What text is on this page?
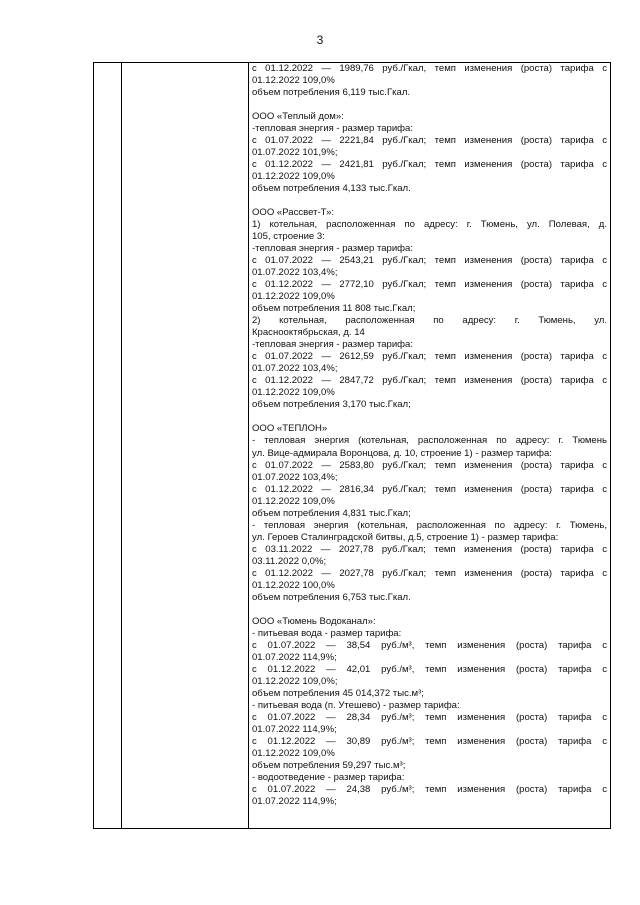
3
с 01.12.2022 — 1989,76 руб./Гкал, темп изменения (роста) тарифа с
01.12.2022 109,0%
объем потребления 6,119 тыс.Гкал.
ООО «Теплый дом»:
-тепловая энергия - размер тарифа:
с 01.07.2022 — 2221,84 руб./Гкал; темп изменения (роста) тарифа с
01.07.2022 101,9%;
с 01.12.2022 — 2421,81 руб./Гкал; темп изменения (роста) тарифа с
01.12.2022 109,0%
объем потребления 4,133 тыс.Гкал.
ООО «Рассвет-Т»:
1) котельная, расположенная по адресу: г. Тюмень, ул. Полевая, д.
105, строение 3:
-тепловая энергия - размер тарифа:
с 01.07.2022 — 2543,21 руб./Гкал; темп изменения (роста) тарифа с
01.07.2022 103,4%;
с 01.12.2022 — 2772,10 руб./Гкал; темп изменения (роста) тарифа с
01.12.2022 109,0%
объем потребления 11 808 тыс.Гкал;
2) котельная, расположенная по адресу: г. Тюмень, ул.
Краснооктябрьская, д. 14
-тепловая энергия - размер тарифа:
с 01.07.2022 — 2612,59 руб./Гкал; темп изменения (роста) тарифа с
01.07.2022 103,4%;
с 01.12.2022 — 2847,72 руб./Гкал; темп изменения (роста) тарифа с
01.12.2022 109,0%
объем потребления 3,170 тыс.Гкал;
ООО «ТЕПЛОН»
- тепловая энергия (котельная, расположенная по адресу: г. Тюмень
ул. Вице-адмирала Воронцова, д. 10, строение 1) - размер тарифа:
с 01.07.2022 — 2583,80 руб./Гкал; темп изменения (роста) тарифа с
01.07.2022 103,4%;
с 01.12.2022 — 2816,34 руб./Гкал; темп изменения (роста) тарифа с
01.12.2022 109,0%
объем потребления 4,831 тыс.Гкал;
- тепловая энергия (котельная, расположенная по адресу: г. Тюмень,
ул. Героев Сталинградской битвы, д.5, строение 1) - размер тарифа:
с 03.11.2022 — 2027,78 руб./Гкал; темп изменения (роста) тарифа с
03.11.2022 0,0%;
с 01.12.2022 — 2027,78 руб./Гкал; темп изменения (роста) тарифа с
01.12.2022 100,0%
объем потребления 6,753 тыс.Гкал.
ООО «Тюмень Водоканал»:
- питьевая вода - размер тарифа:
с 01.07.2022 — 38,54 руб./м³, темп изменения (роста) тарифа с
01.07.2022 114,9%;
с 01.12.2022 — 42,01 руб./м³, темп изменения (роста) тарифа с
01.12.2022 109,0%;
объем потребления 45 014,372 тыс.м³;
- питьевая вода (п. Утешево) - размер тарифа:
с 01.07.2022 — 28,34 руб./м³; темп изменения (роста) тарифа с
01.07.2022 114,9%;
с 01.12.2022 — 30,89 руб./м³; темп изменения (роста) тарифа с
01.12.2022 109,0%
объем потребления 59,297 тыс.м³;
- водоотведение - размер тарифа:
с 01.07.2022 — 24,38 руб./м³; темп изменения (роста) тарифа с
01.07.2022 114,9%;
